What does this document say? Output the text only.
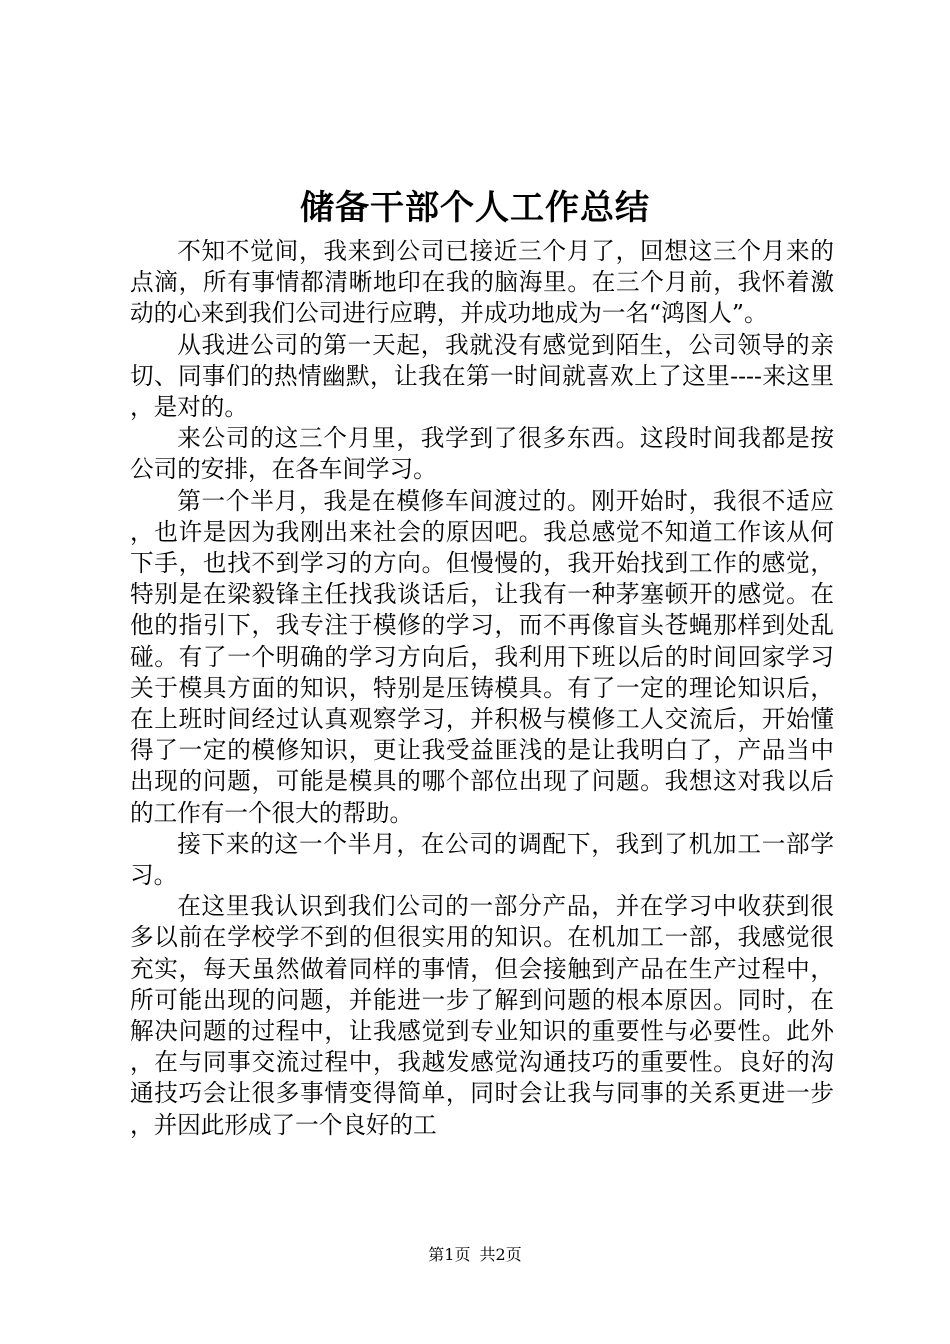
储备干部个人工作总结

不知不觉间，我来到公司已接近三个月了，回想这三个月来的点滴，所有事情都清晰地印在我的脑海里。在三个月前，我怀着激动的心来到我们公司进行应聘，并成功地成为一名“鸿图人”。

从我进公司的第一天起，我就没有感觉到陌生，公司领导的亲切、同事们的热情幽默，让我在第一时间就喜欢上了这里----来这里，是对的。

来公司的这三个月里，我学到了很多东西。这段时间我都是按公司的安排，在各车间学习。

第一个半月，我是在模修车间渡过的。刚开始时，我很不适应，也许是因为我刚出来社会的原因吧。我总感觉不知道工作该从何下手，也找不到学习的方向。但慢慢的，我开始找到工作的感觉，特别是在梁毅锋主任找我谈话后，让我有一种茅塞顿开的感觉。在他的指引下，我专注于模修的学习，而不再像盲头苍蝇那样到处乱碰。有了一个明确的学习方向后，我利用下班以后的时间回家学习关于模具方面的知识，特别是压铸模具。有了一定的理论知识后，在上班时间经过认真观察学习，并积极与模修工人交流后，开始懂得了一定的模修知识，更让我受益匪浅的是让我明白了，产品当中出现的问题，可能是模具的哪个部位出现了问题。我想这对我以后的工作有一个很大的帮助。

接下来的这一个半月，在公司的调配下，我到了机加工一部学习。

在这里我认识到我们公司的一部分产品，并在学习中收获到很多以前在学校学不到的但很实用的知识。在机加工一部，我感觉很充实，每天虽然做着同样的事情，但会接触到产品在生产过程中，所可能出现的问题，并能进一步了解到问题的根本原因。同时，在解决问题的过程中，让我感觉到专业知识的重要性与必要性。此外，在与同事交流过程中，我越发感觉沟通技巧的重要性。良好的沟通技巧会让很多事情变得简单，同时会让我与同事的关系更进一步，并因此形成了一个良好的工

第1页 共2页
